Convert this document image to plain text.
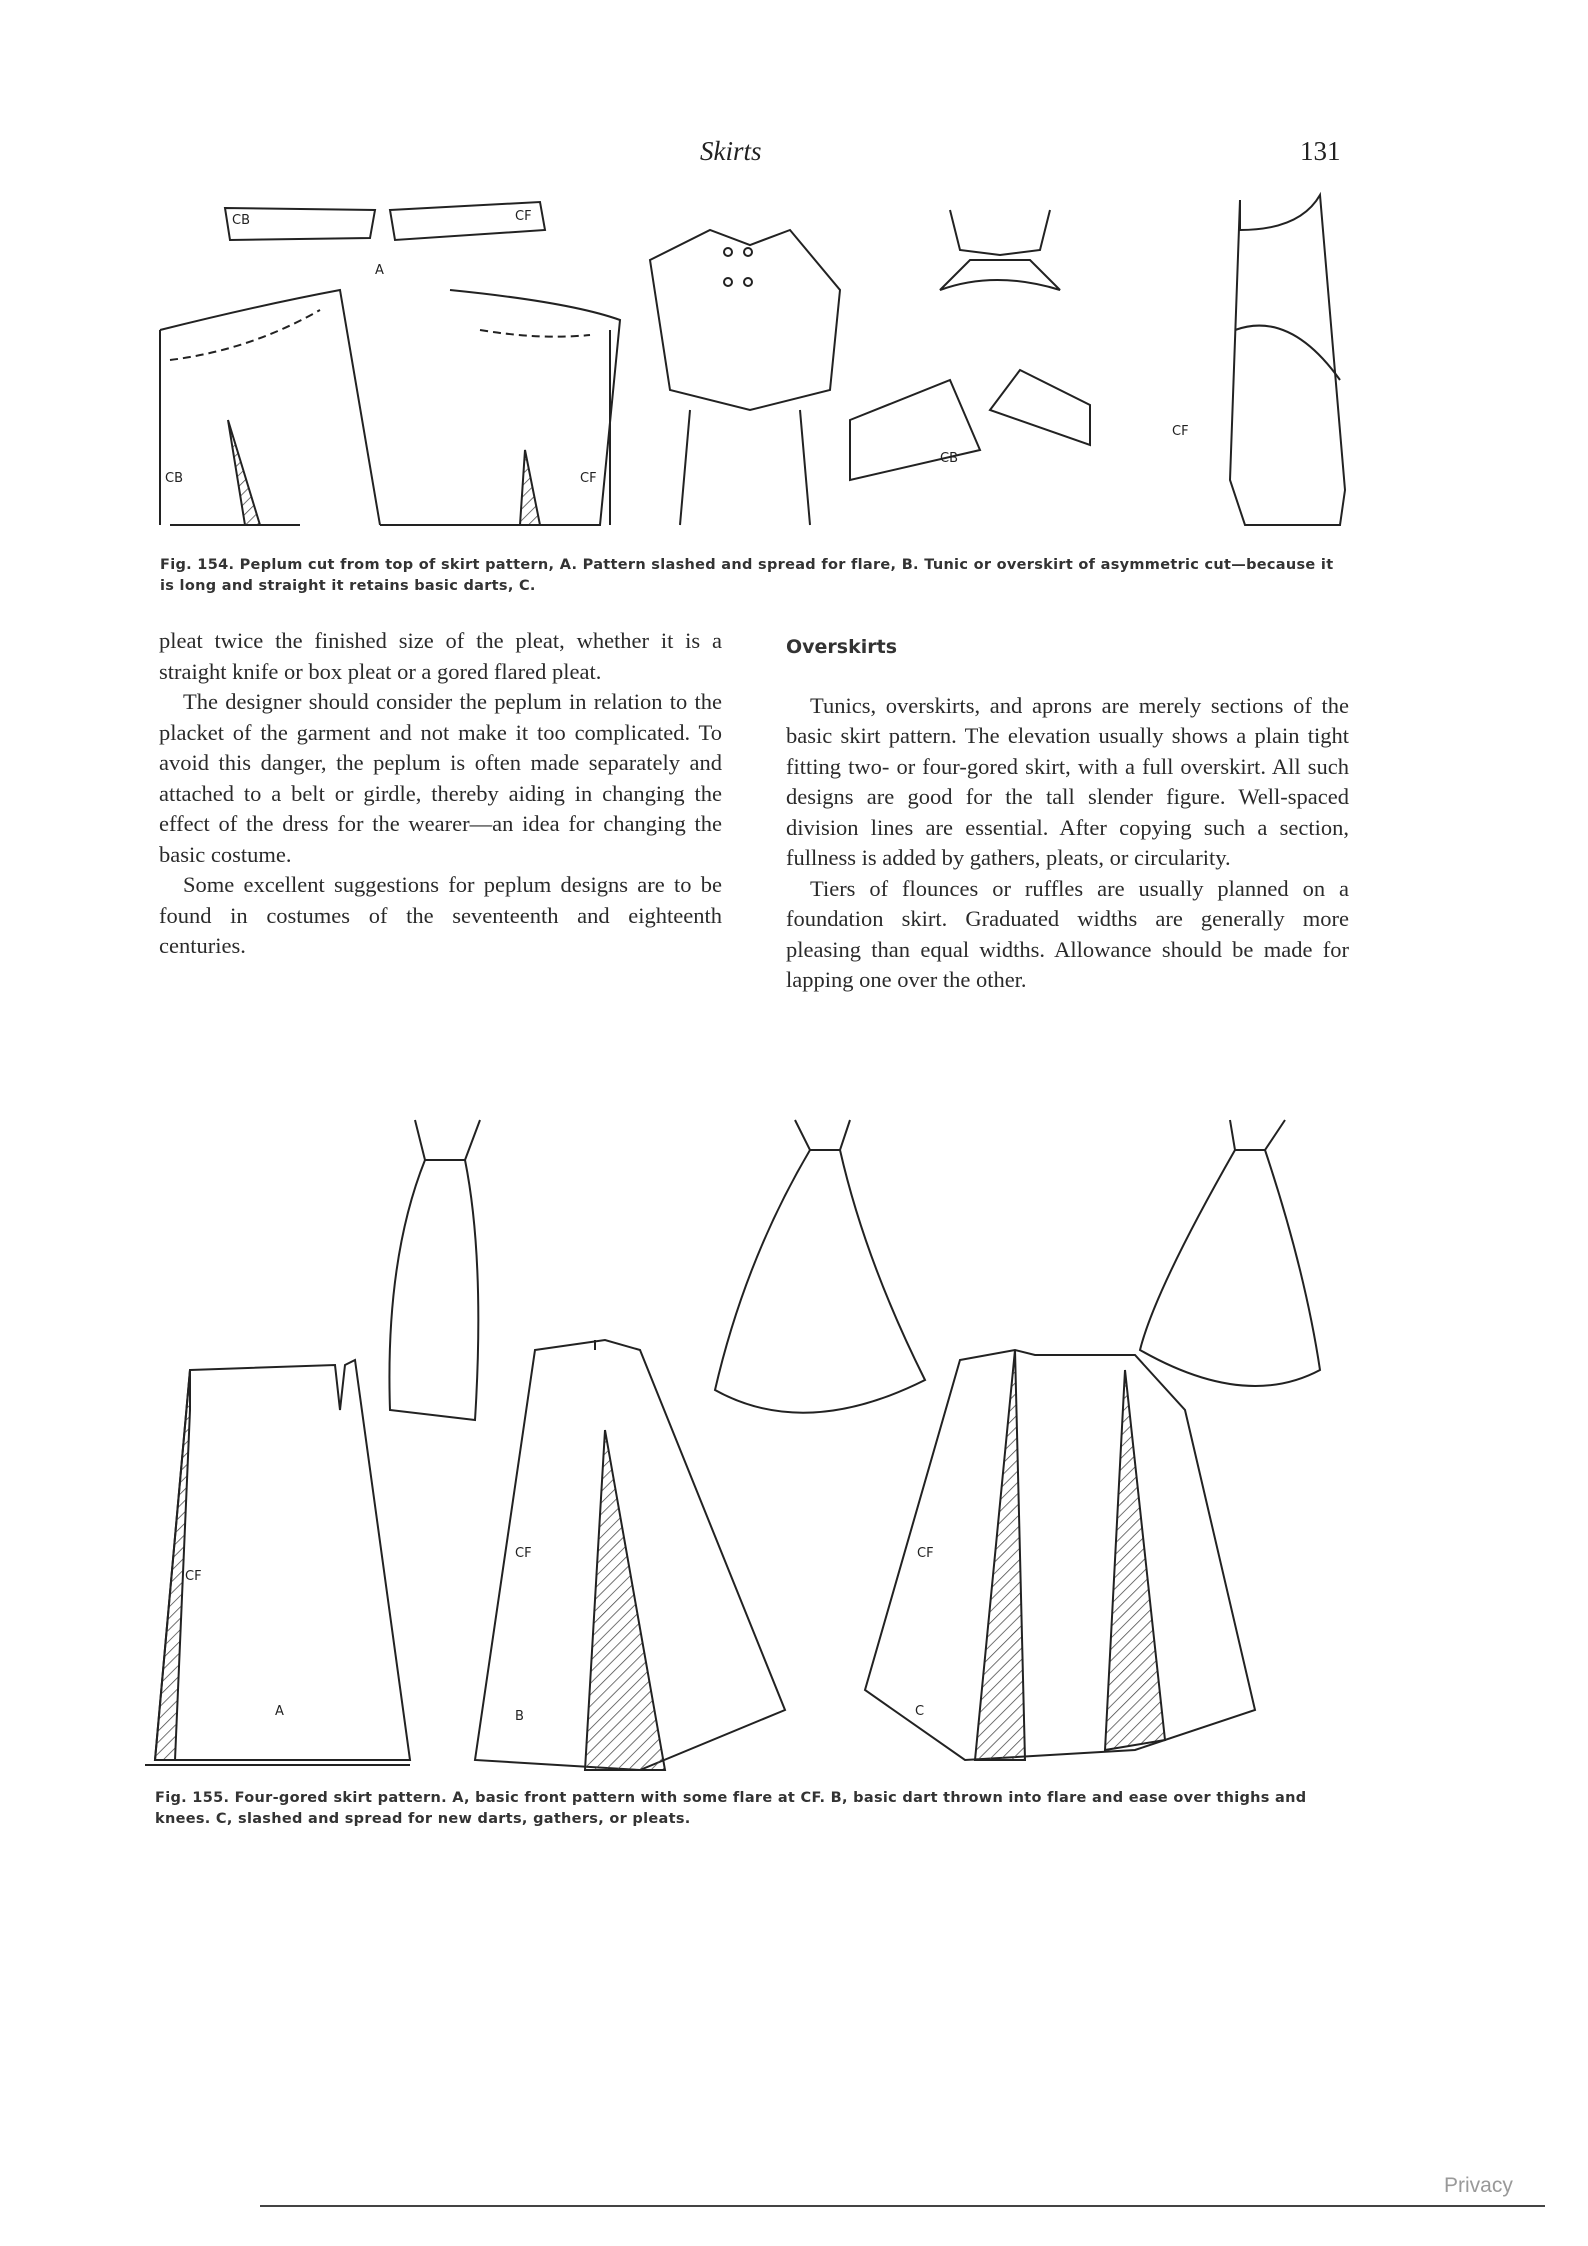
Skirts	131
CB	CF
A
CB	CF
CB
CF
Fig. 154. Peplum cut from top of skirt pattern, A. Pattern slashed and spread for flare, B. Tunic or overskirt of asymmetric cut—because it is long and straight it retains basic darts, C.

pleat twice the finished size of the pleat, whether it is a straight knife or box pleat or a gored flared pleat.

The designer should consider the peplum in relation to the placket of the garment and not make it too complicated. To avoid this danger, the peplum is often made separately and attached to a belt or girdle, thereby aiding in changing the effect of the dress for the wearer—an idea for changing the basic costume.

Some excellent suggestions for peplum designs are to be found in costumes of the seventeenth and eighteenth centuries.

Overskirts

Tunics, overskirts, and aprons are merely sections of the basic skirt pattern. The elevation usually shows a plain tight fitting two- or four-gored skirt, with a full overskirt. All such designs are good for the tall slender figure. Well-spaced division lines are essential. After copying such a section, fullness is added by gathers, pleats, or circularity.

Tiers of flounces or ruffles are usually planned on a foundation skirt. Graduated widths are generally more pleasing than equal widths. Allowance should be made for lapping one over the other.

CF
CF	CF
A	B	C
Fig. 155. Four-gored skirt pattern. A, basic front pattern with some flare at CF. B, basic dart thrown into flare and ease over thighs and knees. C, slashed and spread for new darts, gathers, or pleats.
Privacy
